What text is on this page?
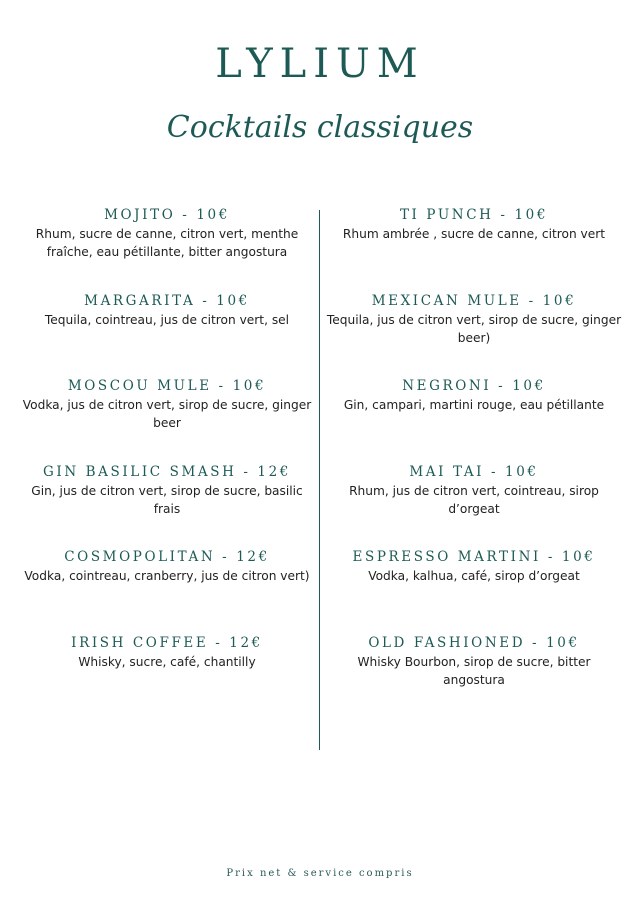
LYLIUM
Cocktails classiques
MOJITO - 10€
Rhum, sucre de canne, citron vert, menthe fraîche, eau pétillante, bitter angostura
MARGARITA - 10€
Tequila, cointreau, jus de citron vert, sel
MOSCOU MULE - 10€
Vodka, jus de citron vert, sirop de sucre, ginger beer
GIN BASILIC SMASH - 12€
Gin, jus de citron vert, sirop de sucre, basilic frais
COSMOPOLITAN - 12€
Vodka, cointreau, cranberry, jus de citron vert)
IRISH COFFEE - 12€
Whisky, sucre, café, chantilly
TI PUNCH - 10€
Rhum ambrée , sucre de canne, citron vert
MEXICAN MULE - 10€
Tequila, jus de citron vert, sirop de sucre, ginger beer)
NEGRONI - 10€
Gin, campari, martini rouge, eau pétillante
MAI TAI - 10€
Rhum, jus de citron vert, cointreau, sirop d’orgeat
ESPRESSO MARTINI - 10€
Vodka, kalhua, café, sirop d’orgeat
OLD FASHIONED - 10€
Whisky Bourbon, sirop de sucre, bitter angostura
Prix net & service compris
